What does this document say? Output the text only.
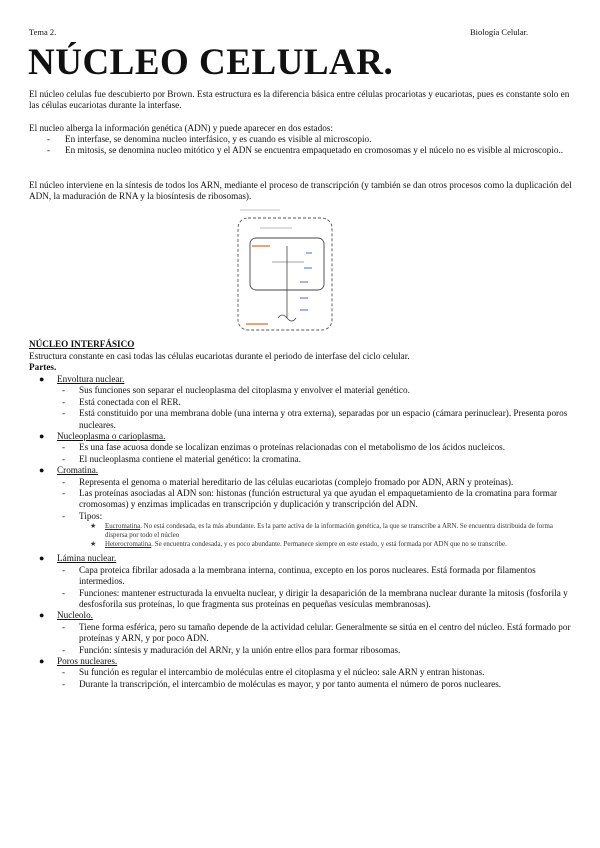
Tema 2.	Biología Celular.
NÚCLEO CELULAR.

El núcleo celulas fue descubierto por Brown. Esta estructura es la diferencia básica entre células procariotas y eucariotas, pues es constante solo en las células eucariotas durante la interfase.

El nucleo alberga la información genética (ADN) y puede aparecer en dos estados:

- En interfase, se denomina nucleo interfásico, y es cuando es visible al microscopio.
- En mitosis, se denomina nucleo mitótico y el ADN se encuentra empaquetado en cromosomas y el núcelo no es visible al microscopio..

El núcleo interviene en la síntesis de todos los ARN, mediante el proceso de transcripción (y también se dan otros procesos como la duplicación del ADN, la maduración de RNA y la biosíntesis de ribosomas).

NÚCLEO INTERFÁSICO

Estructura constante en casi todas las células eucariotas durante el periodo de interfase del ciclo celular.

Partes.
● Envoltura nuclear.
- Sus funciones son separar el nucleoplasma del citoplasma y envolver el material genético.
- Está conectada con el RER.
- Está constituido por una membrana doble (una interna y otra externa), separadas por un espacio (cámara perinuclear). Presenta poros nucleares.
● Nucleoplasma o carioplasma.
- Es una fase acuosa donde se localizan enzimas o proteínas relacionadas con el metabolismo de los ácidos nucleicos.
- El nucleoplasma contiene el material genético: la cromatina.
● Cromatina.
- Representa el genoma o material hereditario de las células eucariotas (complejo fromado por ADN, ARN y proteínas).
- Las proteínas asociadas al ADN son: histonas (función estructural ya que ayudan el empaquetamiento de la cromatina para formar cromosomas) y enzimas implicadas en transcripción y duplicación y transcripción del ADN.
- Tipos:
★ Eucromatina. No está condesada, es la más abundante. Es la parte activa de la información genética, la que se transcribe a ARN. Se encuentra distribuida de forma dispersa por todo el núcleo
★ Heterocromatina. Se encuentra condesada, y es poco abundante. Permanece siempre en este estado, y está formada por ADN que no se transcribe.
● Lámina nuclear.
- Capa proteica fibrilar adosada a la membrana interna, continua, excepto en los poros nucleares. Está formada por filamentos intermedios.
- Funciones: mantener estructurada la envuelta nuclear, y dirigir la desaparición de la membrana nuclear durante la mitosis (fosforila y desfosforila sus proteínas, lo que fragmenta sus proteínas en pequeñas vesículas membranosas).
● Nucleolo.
- Tiene forma esférica, pero su tamaño depende de la actividad celular. Generalmente se sitúa en el centro del núcleo. Está formado por proteínas y ARN, y por poco ADN.
- Función: síntesis y maduración del ARNr, y la unión entre ellos para formar ribosomas.
● Poros nucleares.
- Su función es regular el intercambio de moléculas entre el citoplasma y el núcleo: sale ARN y entran histonas.
- Durante la transcripción, el intercambio de moléculas es mayor, y por tanto aumenta el número de poros nucleares.
